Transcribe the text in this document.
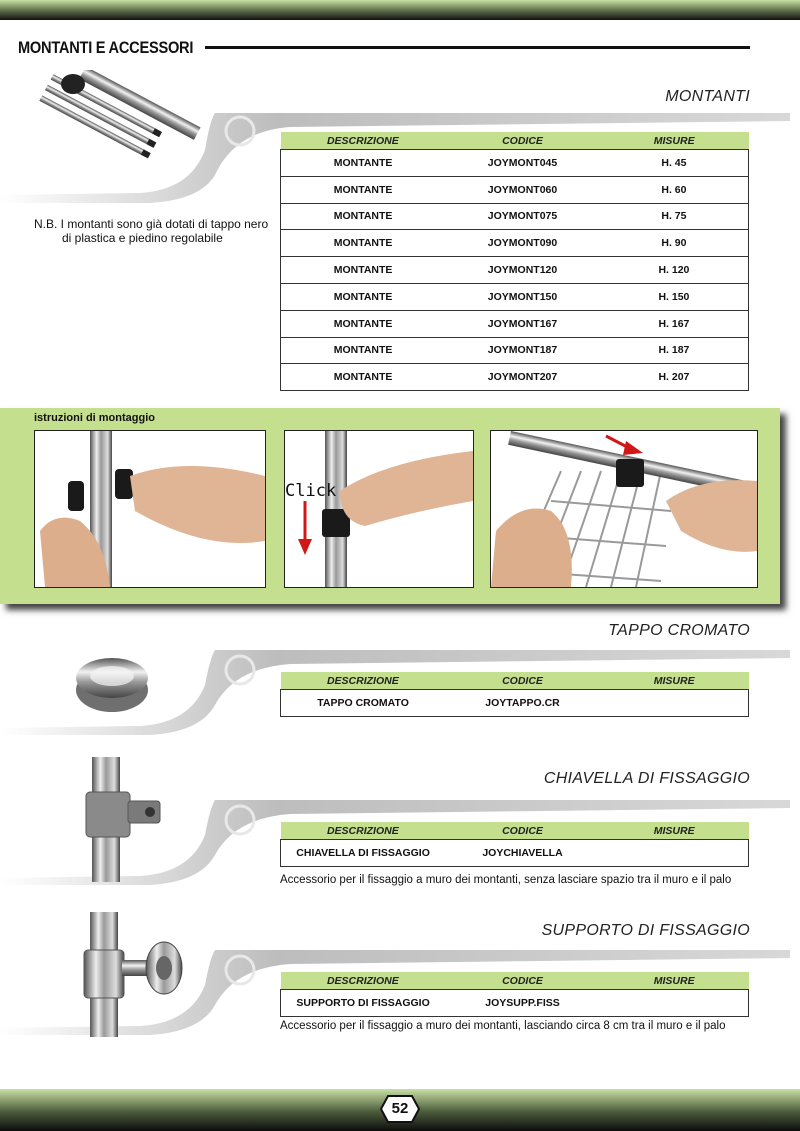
MONTANTI E ACCESSORI
MONTANTI
N.B. I montanti sono già dotati di tappo nero
di plastica e piedino regolabile
DESCRIZIONE	CODICE	MISURE
MONTANTE	JOYMONT045	H. 45
MONTANTE	JOYMONT060	H. 60
MONTANTE	JOYMONT075	H. 75
MONTANTE	JOYMONT090	H. 90
MONTANTE	JOYMONT120	H. 120
MONTANTE	JOYMONT150	H. 150
MONTANTE	JOYMONT167	H. 167
MONTANTE	JOYMONT187	H. 187
MONTANTE	JOYMONT207	H. 207
istruzioni di montaggio
Click
TAPPO CROMATO
DESCRIZIONE	CODICE	MISURE
TAPPO CROMATO	JOYTAPPO.CR	
CHIAVELLA DI FISSAGGIO
DESCRIZIONE	CODICE	MISURE
CHIAVELLA DI FISSAGGIO	JOYCHIAVELLA	
Accessorio per il fissaggio a muro dei montanti, senza lasciare spazio tra il muro e il palo
SUPPORTO DI FISSAGGIO
DESCRIZIONE	CODICE	MISURE
SUPPORTO DI FISSAGGIO	JOYSUPP.FISS	
Accessorio per il fissaggio a muro dei montanti, lasciando circa 8 cm tra il muro e il palo
52
